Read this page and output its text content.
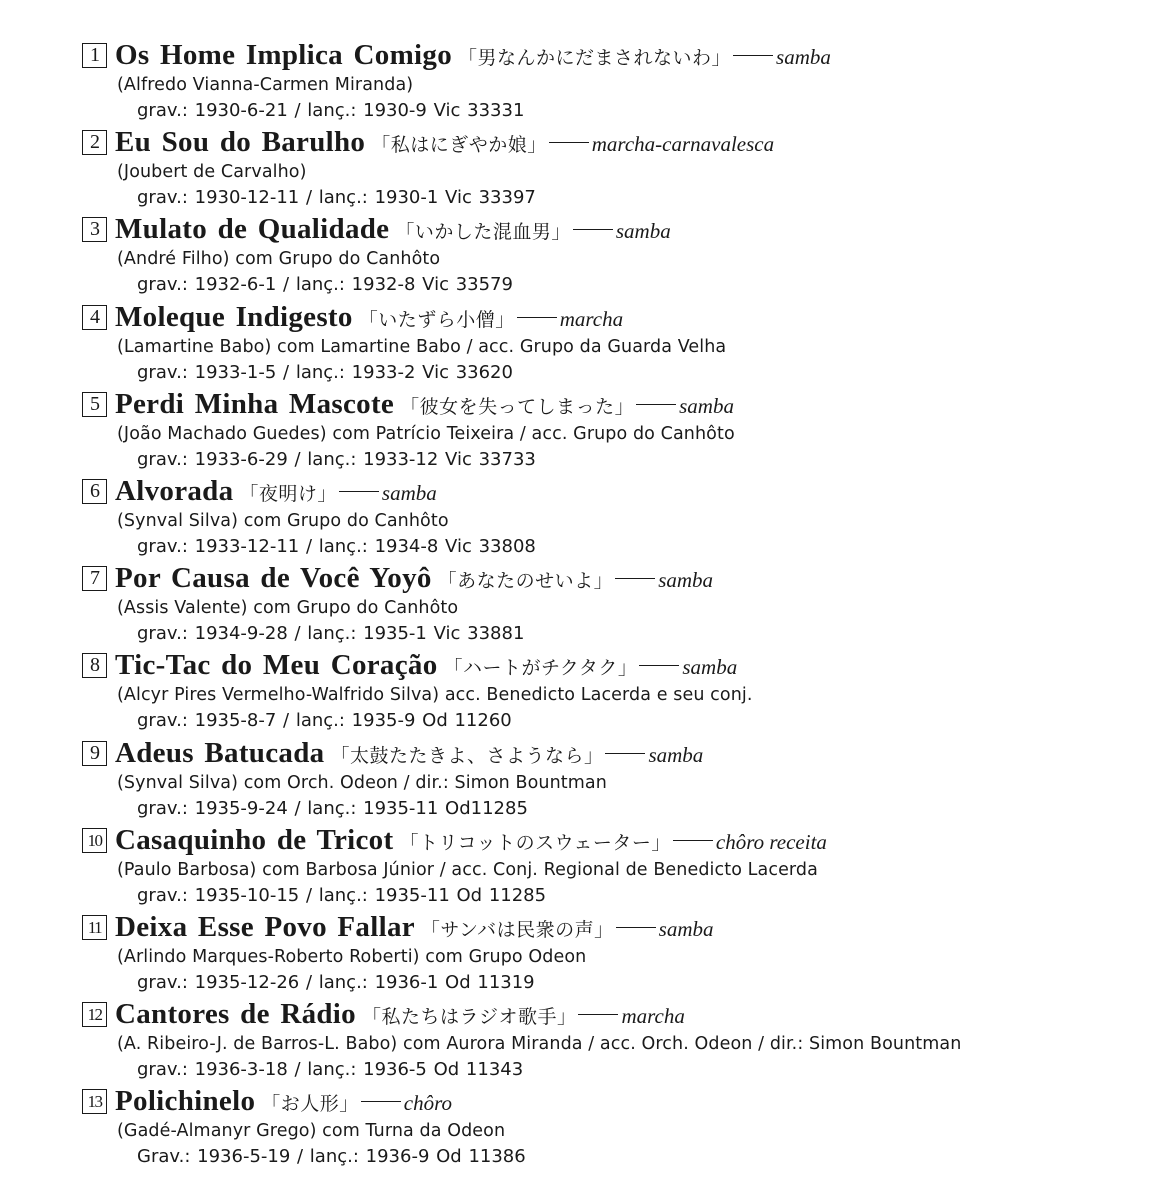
1 Os Home Implica Comigo 「男なんかにだまされないわ」 samba
(Alfredo Vianna-Carmen Miranda)
grav.: 1930-6-21 / lanç.: 1930-9 Vic 33331
2 Eu Sou do Barulho 「私はにぎやか娘」 marcha-carnavalesca
(Joubert de Carvalho)
grav.: 1930-12-11 / lanç.: 1930-1 Vic 33397
3 Mulato de Qualidade 「いかした混血男」 samba
(André Filho) com Grupo do Canhôto
grav.: 1932-6-1 / lanç.: 1932-8 Vic 33579
4 Moleque Indigesto 「いたずら小僧」 marcha
(Lamartine Babo) com Lamartine Babo / acc. Grupo da Guarda Velha
grav.: 1933-1-5 / lanç.: 1933-2 Vic 33620
5 Perdi Minha Mascote 「彼女を失ってしまった」 samba
(João Machado Guedes) com Patrício Teixeira / acc. Grupo do Canhôto
grav.: 1933-6-29 / lanç.: 1933-12 Vic 33733
6 Alvorada 「夜明け」 samba
(Synval Silva) com Grupo do Canhôto
grav.: 1933-12-11 / lanç.: 1934-8 Vic 33808
7 Por Causa de Você Yoyô 「あなたのせいよ」 samba
(Assis Valente) com Grupo do Canhôto
grav.: 1934-9-28 / lanç.: 1935-1 Vic 33881
8 Tic-Tac do Meu Coração 「ハートがチクタク」 samba
(Alcyr Pires Vermelho-Walfrido Silva) acc. Benedicto Lacerda e seu conj.
grav.: 1935-8-7 / lanç.: 1935-9 Od 11260
9 Adeus Batucada 「太鼓たたきよ、さようなら」 samba
(Synval Silva) com Orch. Odeon / dir.: Simon Bountman
grav.: 1935-9-24 / lanç.: 1935-11 Od11285
10 Casaquinho de Tricot 「トリコットのスウェーター」 chôro receita
(Paulo Barbosa) com Barbosa Júnior / acc. Conj. Regional de Benedicto Lacerda
grav.: 1935-10-15 / lanç.: 1935-11 Od 11285
11 Deixa Esse Povo Fallar 「サンバは民衆の声」 samba
(Arlindo Marques-Roberto Roberti) com Grupo Odeon
grav.: 1935-12-26 / lanç.: 1936-1 Od 11319
12 Cantores de Rádio 「私たちはラジオ歌手」 marcha
(A. Ribeiro-J. de Barros-L. Babo) com Aurora Miranda / acc. Orch. Odeon / dir.: Simon Bountman
grav.: 1936-3-18 / lanç.: 1936-5 Od 11343
13 Polichinelo 「お人形」 chôro
(Gadé-Almanyr Grego) com Turna da Odeon
Grav.: 1936-5-19 / lanç.: 1936-9 Od 11386
